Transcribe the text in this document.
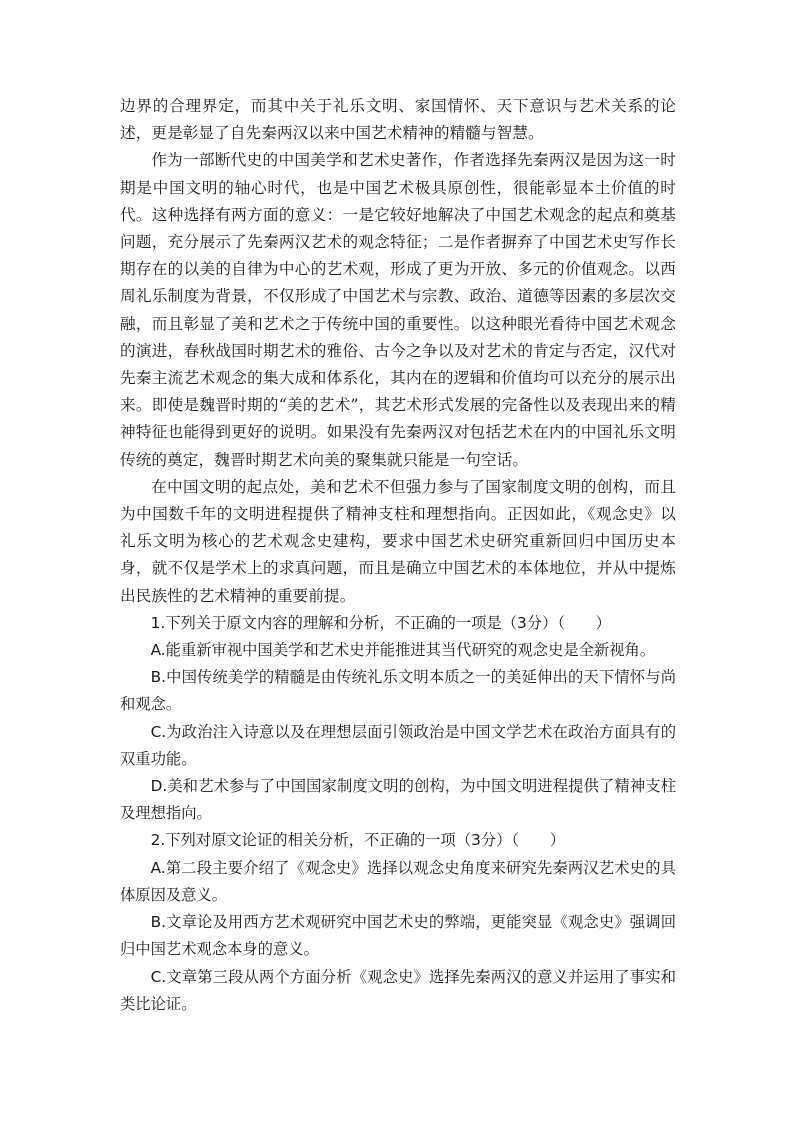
边界的合理界定，而其中关于礼乐文明、家国情怀、天下意识与艺术关系的论述，更是彰显了自先秦两汉以来中国艺术精神的精髓与智慧。

作为一部断代史的中国美学和艺术史著作，作者选择先秦两汉是因为这一时期是中国文明的轴心时代，也是中国艺术极具原创性，很能彰显本土价值的时代。这种选择有两方面的意义：一是它较好地解决了中国艺术观念的起点和奠基问题，充分展示了先秦两汉艺术的观念特征；二是作者摒弃了中国艺术史写作长期存在的以美的自律为中心的艺术观，形成了更为开放、多元的价值观念。以西周礼乐制度为背景，不仅形成了中国艺术与宗教、政治、道德等因素的多层次交融，而且彰显了美和艺术之于传统中国的重要性。以这种眼光看待中国艺术观念的演进，春秋战国时期艺术的雅俗、古今之争以及对艺术的肯定与否定，汉代对先秦主流艺术观念的集大成和体系化，其内在的逻辑和价值均可以充分的展示出来。即使是魏晋时期的“美的艺术”，其艺术形式发展的完备性以及表现出来的精神特征也能得到更好的说明。如果没有先秦两汉对包括艺术在内的中国礼乐文明传统的奠定，魏晋时期艺术向美的聚集就只能是一句空话。

在中国文明的起点处，美和艺术不但强力参与了国家制度文明的创构，而且为中国数千年的文明进程提供了精神支柱和理想指向。正因如此，《观念史》以礼乐文明为核心的艺术观念史建构，要求中国艺术史研究重新回归中国历史本身，就不仅是学术上的求真问题，而且是确立中国艺术的本体地位，并从中提炼出民族性的艺术精神的重要前提。

1.下列关于原文内容的理解和分析，不正确的一项是（3分）（　　）

A.能重新审视中国美学和艺术史并能推进其当代研究的观念史是全新视角。

B.中国传统美学的精髓是由传统礼乐文明本质之一的美延伸出的天下情怀与尚和观念。

C.为政治注入诗意以及在理想层面引领政治是中国文学艺术在政治方面具有的双重功能。

D.美和艺术参与了中国国家制度文明的创构，为中国文明进程提供了精神支柱及理想指向。

2.下列对原文论证的相关分析，不正确的一项（3分）（　　）

A.第二段主要介绍了《观念史》选择以观念史角度来研究先秦两汉艺术史的具体原因及意义。

B.文章论及用西方艺术观研究中国艺术史的弊端，更能突显《观念史》强调回归中国艺术观念本身的意义。

C.文章第三段从两个方面分析《观念史》选择先秦两汉的意义并运用了事实和类比论证。
